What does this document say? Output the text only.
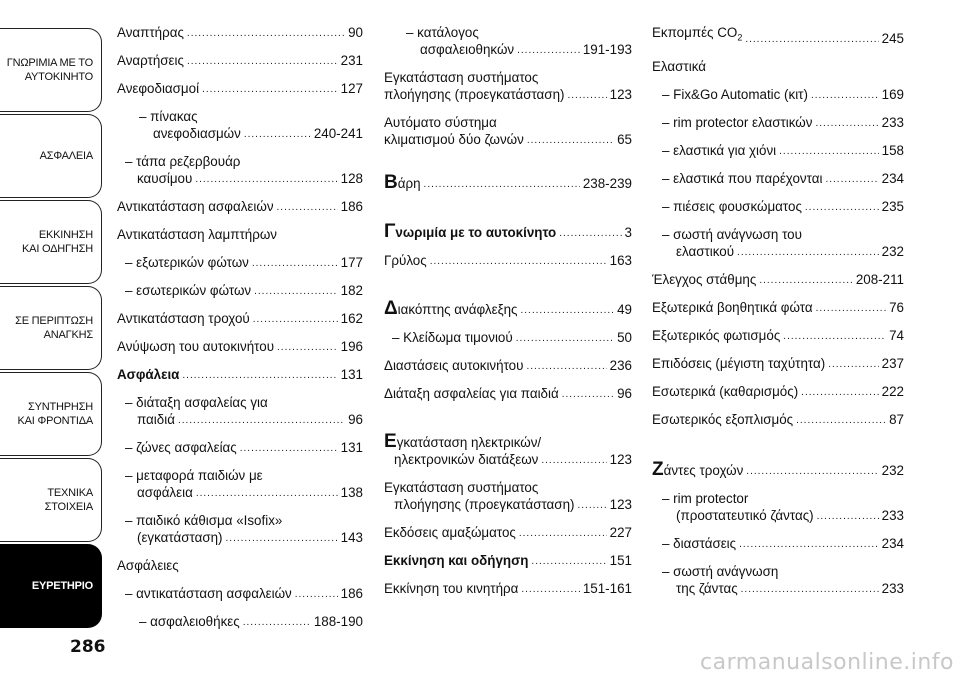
ΓΝΩΡΙΜΙΑ ΜΕ ΤΟ
ΑΥΤΟΚΙΝΗΤΟ
ΑΣΦΑΛΕΙΑ
ΕΚΚΙΝΗΣΗ
ΚΑΙ ΟΔΗΓΗΣΗ
ΣΕ ΠΕΡΙΠΤΩΣΗ
ΑΝΑΓΚΗΣ
ΣΥΝΤΗΡΗΣΗ
ΚΑΙ ΦΡΟΝΤΙΔΑ
ΤΕΧΝΙΚΑ
ΣΤΟΙΧΕΙΑ
ΕΥΡΕΤΗΡΙΟ
286
Αναπτήρας .....	90
Αναρτήσεις .....	231
Ανεφοδιασμοί .....	127
– πίνακας
ανεφοδιασμών .....	240-241
– τάπα ρεζερβουάρ
καυσίμου .....	128
Αντικατάσταση ασφαλειών .....	186
Αντικατάσταση λαμπτήρων
– εξωτερικών φώτων .....	177
– εσωτερικών φώτων .....	182
Αντικατάσταση τροχού .....	162
Ανύψωση του αυτοκινήτου .....	196
Ασφάλεια .....	131
– διάταξη ασφαλείας για
παιδιά .....	96
– ζώνες ασφαλείας .....	131
– μεταφορά παιδιών με
ασφάλεια .....	138
– παιδικό κάθισμα «Isofix»
(εγκατάσταση) .....	143
Ασφάλειες
– αντικατάσταση ασφαλειών .....	186
– ασφαλειοθήκες .....	188-190
– κατάλογος
ασφαλειοθηκών .....	191-193
Εγκατάσταση συστήματος
πλοήγησης (προεγκατάσταση) .....	123
Αυτόματο σύστημα
κλιματισμού δύο ζωνών .....	65
Βάρη .....	238-239
Γνωριμία με το αυτοκίνητο .....	3
Γρύλος .....	163
Διακόπτης ανάφλεξης .....	49
– Κλείδωμα τιμονιού .....	50
Διαστάσεις αυτοκινήτου .....	236
Διάταξη ασφαλείας για παιδιά .....	96
Εγκατάσταση ηλεκτρικών/
ηλεκτρονικών διατάξεων .....	123
Εγκατάσταση συστήματος
πλοήγησης (προεγκατάσταση) .....	123
Εκδόσεις αμαξώματος .....	227
Εκκίνηση και οδήγηση .....	151
Εκκίνηση του κινητήρα .....	151-161
Εκπομπές $CO_2$ .....	245
Ελαστικά
– Fix&Go Automatic (κιτ) .....	169
– rim protector ελαστικών .....	233
– ελαστικά για χιόνι .....	158
– ελαστικά που παρέχονται .....	234
– πιέσεις φουσκώματος .....	235
– σωστή ανάγνωση του
ελαστικού .....	232
Έλεγχος στάθμης .....	208-211
Εξωτερικά βοηθητικά φώτα .....	76
Εξωτερικός φωτισμός .....	74
Επιδόσεις (μέγιστη ταχύτητα) .....	237
Εσωτερικά (καθαρισμός) .....	222
Εσωτερικός εξοπλισμός .....	87
Ζάντες τροχών .....	232
– rim protector
(προστατευτικό ζάντας) .....	233
– διαστάσεις .....	234
– σωστή ανάγνωση
της ζάντας .....	233
carmanualsonline.info
